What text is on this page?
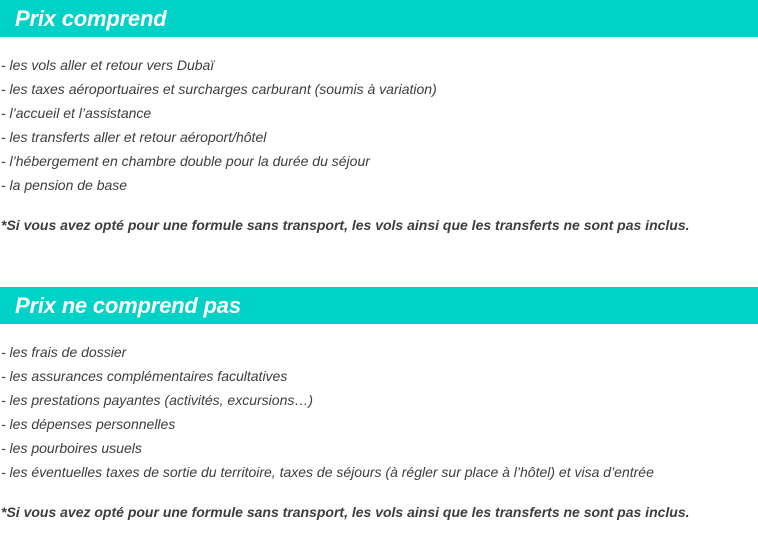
Prix comprend
- les vols aller et retour vers Dubaï
- les taxes aéroportuaires et surcharges carburant (soumis à variation)
- l’accueil et l’assistance
- les transferts aller et retour aéroport/hôtel
- l’hébergement en chambre double pour la durée du séjour
- la pension de base

*Si vous avez opté pour une formule sans transport, les vols ainsi que les transferts ne sont pas inclus.

Prix ne comprend pas
- les frais de dossier
- les assurances complémentaires facultatives
- les prestations payantes (activités, excursions…)
- les dépenses personnelles
- les pourboires usuels
- les éventuelles taxes de sortie du territoire, taxes de séjours (à régler sur place à l’hôtel) et visa d’entrée

*Si vous avez opté pour une formule sans transport, les vols ainsi que les transferts ne sont pas inclus.
